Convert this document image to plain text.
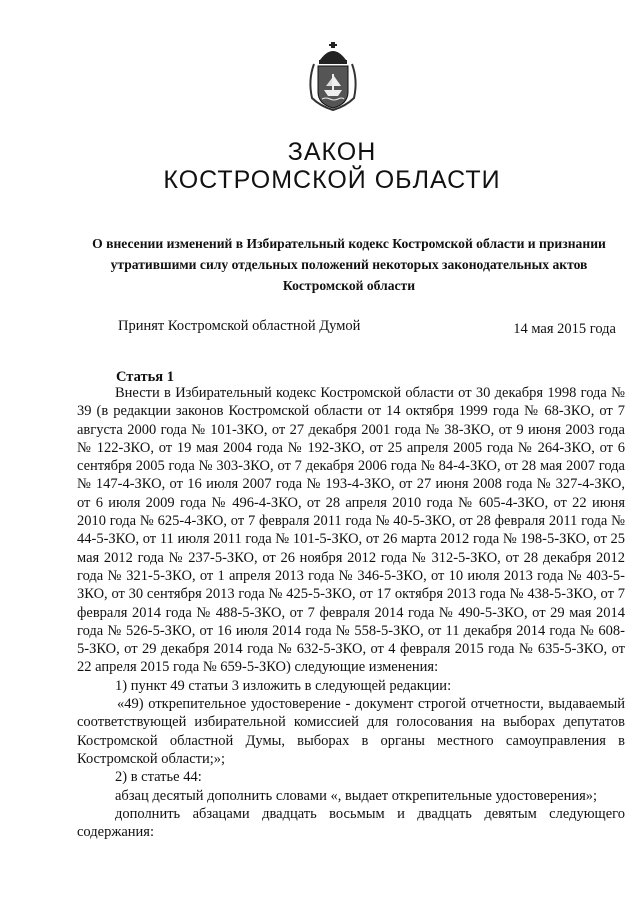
ЗАКОН
КОСТРОМСКОЙ ОБЛАСТИ
О внесении изменений в Избирательный кодекс Костромской области и признании утратившими силу отдельных положений некоторых законодательных актов Костромской области
Принят Костромской областной Думой	14 мая 2015 года
Статья 1

Внести в Избирательный кодекс Костромской области от 30 декабря 1998 года № 39 (в редакции законов Костромской области от 14 октября 1999 года № 68-ЗКО, от 7 августа 2000 года № 101-ЗКО, от 27 декабря 2001 года № 38-ЗКО, от 9 июня 2003 года № 122-ЗКО, от 19 мая 2004 года № 192-ЗКО, от 25 апреля 2005 года № 264-ЗКО, от 6 сентября 2005 года № 303-ЗКО, от 7 декабря 2006 года № 84-4-ЗКО, от 28 мая 2007 года № 147-4-ЗКО, от 16 июля 2007 года № 193-4-ЗКО, от 27 июня 2008 года № 327-4-ЗКО, от 6 июля 2009 года № 496-4-ЗКО, от 28 апреля 2010 года № 605-4-ЗКО, от 22 июня 2010 года № 625-4-ЗКО, от 7 февраля 2011 года № 40-5-ЗКО, от 28 февраля 2011 года № 44-5-ЗКО, от 11 июля 2011 года № 101-5-ЗКО, от 26 марта 2012 года № 198-5-ЗКО, от 25 мая 2012 года № 237-5-ЗКО, от 26 ноября 2012 года № 312-5-ЗКО, от 28 декабря 2012 года № 321-5-ЗКО, от 1 апреля 2013 года № 346-5-ЗКО, от 10 июля 2013 года № 403-5-ЗКО, от 30 сентября 2013 года № 425-5-ЗКО, от 17 октября 2013 года № 438-5-ЗКО, от 7 февраля 2014 года № 488-5-ЗКО, от 7 февраля 2014 года № 490-5-ЗКО, от 29 мая 2014 года № 526-5-ЗКО, от 16 июля 2014 года № 558-5-ЗКО, от 11 декабря 2014 года № 608-5-ЗКО, от 29 декабря 2014 года № 632-5-ЗКО, от 4 февраля 2015 года № 635-5-ЗКО, от 22 апреля 2015 года № 659-5-ЗКО) следующие изменения:

1) пункт 49 статьи 3 изложить в следующей редакции:

«49) открепительное удостоверение - документ строгой отчетности, выдаваемый соответствующей избирательной комиссией для голосования на выборах депутатов Костромской областной Думы, выборах в органы местного самоуправления в Костромской области;»;

2) в статье 44:

абзац десятый дополнить словами «, выдает открепительные удостоверения»;

дополнить абзацами двадцать восьмым и двадцать девятым следующего содержания:
